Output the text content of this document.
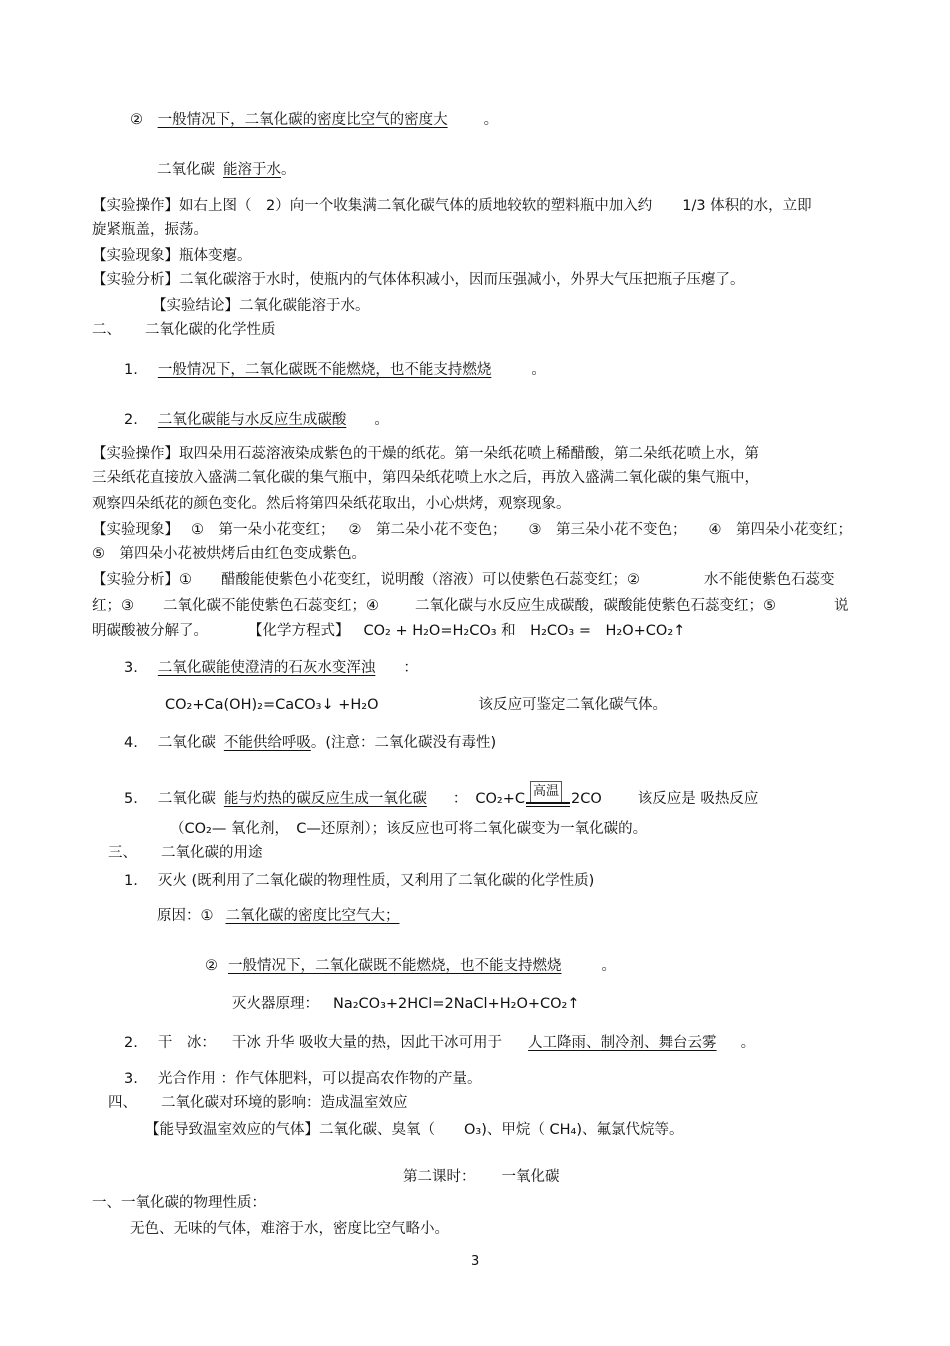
② 一般情况下，二氧化碳的密度比空气的密度大 。
二氧化碳 能溶于水。
【实验操作】如右上图（　2）向一个收集满二氧化碳气体的质地较软的塑料瓶中加入约 1/3 体积的水，立即
旋紧瓶盖，振荡。
【实验现象】瓶体变瘪。
【实验分析】二氧化碳溶于水时，使瓶内的气体体积减小，因而压强减小，外界大气压把瓶子压瘪了。
【实验结论】二氧化碳能溶于水。
二、 二氧化碳的化学性质
1. 一般情况下，二氧化碳既不能燃烧，也不能支持燃烧	。
2. 二氧化碳能与水反应生成碳酸 。
【实验操作】取四朵用石蕊溶液染成紫色的干燥的纸花。第一朵纸花喷上稀醋酸，第二朵纸花喷上水，第
三朵纸花直接放入盛满二氧化碳的集气瓶中，第四朵纸花喷上水之后，再放入盛满二氧化碳的集气瓶中，
观察四朵纸花的颜色变化。然后将第四朵纸花取出，小心烘烤，观察现象。
【实验现象】 ①　第一朵小花变红； ②　第二朵小花不变色； ③　第三朵小花不变色； ④　第四朵小花变红；
⑤　第四朵小花被烘烤后由红色变成紫色。
【实验分析】①　　醋酸能使紫色小花变红，说明酸（溶液）可以使紫色石蕊变红；②	水不能使紫色石蕊变
红；③　　二氧化碳不能使紫色石蕊变红；④ 二氧化碳与水反应生成碳酸，碳酸能使紫色石蕊变红；⑤	说
明碳酸被分解了。	【化学方程式】 CO₂ + H₂O=H₂CO₃ 和　H₂CO₃ =　H₂O+CO₂↑
3. 二氧化碳能使澄清的石灰水变浑浊 ：
CO₂+Ca(OH)₂=CaCO₃↓ +H₂O	该反应可鉴定二氧化碳气体。
4. 二氧化碳 不能供给呼吸。(注意：二氧化碳没有毒性)
5. 二氧化碳 能与灼热的碳反应生成一氧化碳 ： CO₂+C 高温 2CO 该反应是 吸热反应
（CO₂— 氧化剂，　C—还原剂）；该反应也可将二氧化碳变为一氧化碳的。
三、 二氧化碳的用途
1. 灭火 (既利用了二氧化碳的物理性质，又利用了二氧化碳的化学性质)
原因：① 二氧化碳的密度比空气大；
② 一般情况下，二氧化碳既不能燃烧，也不能支持燃烧	。
灭火器原理： Na₂CO₃+2HCl=2NaCl+H₂O+CO₂↑
2. 干　冰： 干冰 升华 吸收大量的热，因此干冰可用于 人工降雨、制冷剂、舞台云雾 。
3. 光合作用 ：作气体肥料，可以提高农作物的产量。
四、 二氧化碳对环境的影响：造成温室效应
【能导致温室效应的气体】二氧化碳、臭氧（　　O₃)、甲烷（ CH₄)、氟氯代烷等。
第二课时： 一氧化碳
一、一氧化碳的物理性质：
无色、无味的气体，难溶于水，密度比空气略小。
3
